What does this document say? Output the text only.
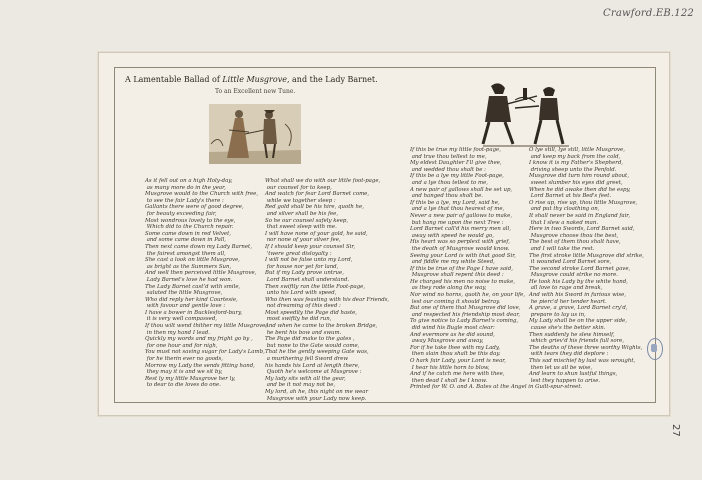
Crawford.EB.122
27
A Lamentable Ballad of Little Musgrove, and the Lady Barnet.
To an Excellent new Tune.
As it fell out on a high Holy-day,
as many more do in the year,
Musgrove would to the Church with free,
to see the fair Lady's there :
Gallants there were of good degree,
for beauty exceeding fair,
Most wondrous lovely to the eye,
Which did to the Church repair.
Some came down in red Velvet,
and some came down in Pall,
Then next came down my Lady Barnet,
the fairest amongst them all,
She cast a look on little Musgrove,
as bright as the Summers Sun,
And well then perceived little Musgrove,
Lady Barnet's love he had won.
The Lady Barnet cast’d with smile,
saluted the little Musgrove,
Who did reply her kind Courtesie,
with favour and gentle love :
I have a bower in Bucklesford-bury,
it is very well compassed,
If thou wilt wend thither my little Musgrove,
in then my hand I lead.
Quickly my words and my fright go by ,
for one hour and for nigh,
You must not saving sugar for Lady's Lamb,
for he therin ever no goods,
Morrow my Lady the sends fitting hand,
they may it is and we sit by,
Rest ly my little Musgrove her ly,
to dear to die loves do one.
What shall we do with our little foot-page,
our counsel for to keep,
And watch for fear Lord Barnet come,
while we together sleep :
Red gold shall be his hire, quoth he,
and silver shall be his fee,
So he our counsel safely keep,
that sweet sleep with me.
I will have none of your gold, he said,
nor none of your silver fee,
If I should keep your counsel Sir,
'twere great disloyalty :
I will not be false unto my Lord,
for house nor yet for land,
But if my Lady prove untrue,
Lord Barnet shall understand.
Then swiftly ran the little Foot-page,
unto his Lord with speed,
Who then was feasting with his dear Friends,
not dreaming of this deed :
Most speedily the Page did haste,
most swiftly he did run,
And when he came to the broken Bridge,
he bent his bow and swum.
The Page did make to the gates ,
but none to the Gate would come,
That he the gently weeping Gate was,
a murthering fell Sword drew
his hands his Lord at length there,
Quoth he's welcome at Musgrove :
My lady sits with all the gear,
and be it not may not be,
My lord, ah he, this night on me wear
Musgrove with your Lady now keep.
If this be true my little foot-page,
and true thou tellest to me,
My eldest Daughter I'll give thee,
and wedded thou shalt be :
If this be a lye my little Foot-page,
and a lye thou tellest to me,
A new pair of gallows shall be set up,
and hanged thou shalt be.
If this be a lye, my Lord, said he,
and a lye that thou hearest of me,
Never a new pair of gallows to make,
but hang me upon the next Tree :
Lord Barnet call'd his merry men all,
away with speed he would go,
His heart was so perplext with grief,
the death of Musgrove would know.
Seeing your Lord is with that good Sir,
and fiddle me my white Steed,
If this be true of the Page I have said,
Musgrove shall repent this deed :
He charged his men no noise to make,
as they rode along the way,
Nor wind no horns, quoth he, on your life,
lest our coming it should betray.
But one of them that Musgrove did love,
and respected his friendship most dear,
To give notice to Lady Barnet's coming,
did wind his Bugle most clear:
And evermore as he did sound,
away Musgrove and away,
For if he take thee with my Lady,
then slain thou shalt be this day.
O hark fair Lady, your Lord is near,
I hear his little horn to blow,
And if he catch me here with thee,
then dead I shall be I know.
Printed for W. O. and A. Bates at the Angel in Guilt-spur-street.
O lye still, lye still, little Musgrove,
and keep my back from the cold,
I know it is my Father's Shepherd,
driving sheep unto the Penfold.
Musgrove did turn him round about,
sweet slumber his eyes did greet,
When he did awake then did he espy,
Lord Barnet at his Bed's feet.
O rise up, rise up, thou little Musgrove,
and put thy cloathing on,
It shall never be said in England fair,
that I slew a naked man.
Here in two Swords, Lord Barnet said,
Musgrove choose thou the best,
The best of them thou shalt have,
and I will take the rest.
The first stroke little Musgrove did strike,
it wounded Lord Barnet sore,
The second stroke Lord Barnet gave,
Musgrove could strike no more.
He took his Lady by the white hand,
all love to rage and break,
And with his Sword in furious wise,
he pierc'd her tender heart.
A grave, a grave, Lord Barnet cry'd,
prepare to lay us in,
My Lady shall be on the upper side,
cause she's the better skin.
Then suddenly he slew himself,
which griev'd his friends full sore,
The deaths of these three worthy Wights,
with tears they did deplore :
This sad mischief by lust was wrought,
then let us all be wise,
And learn to shun lustful things,
lest they happen to arise.
